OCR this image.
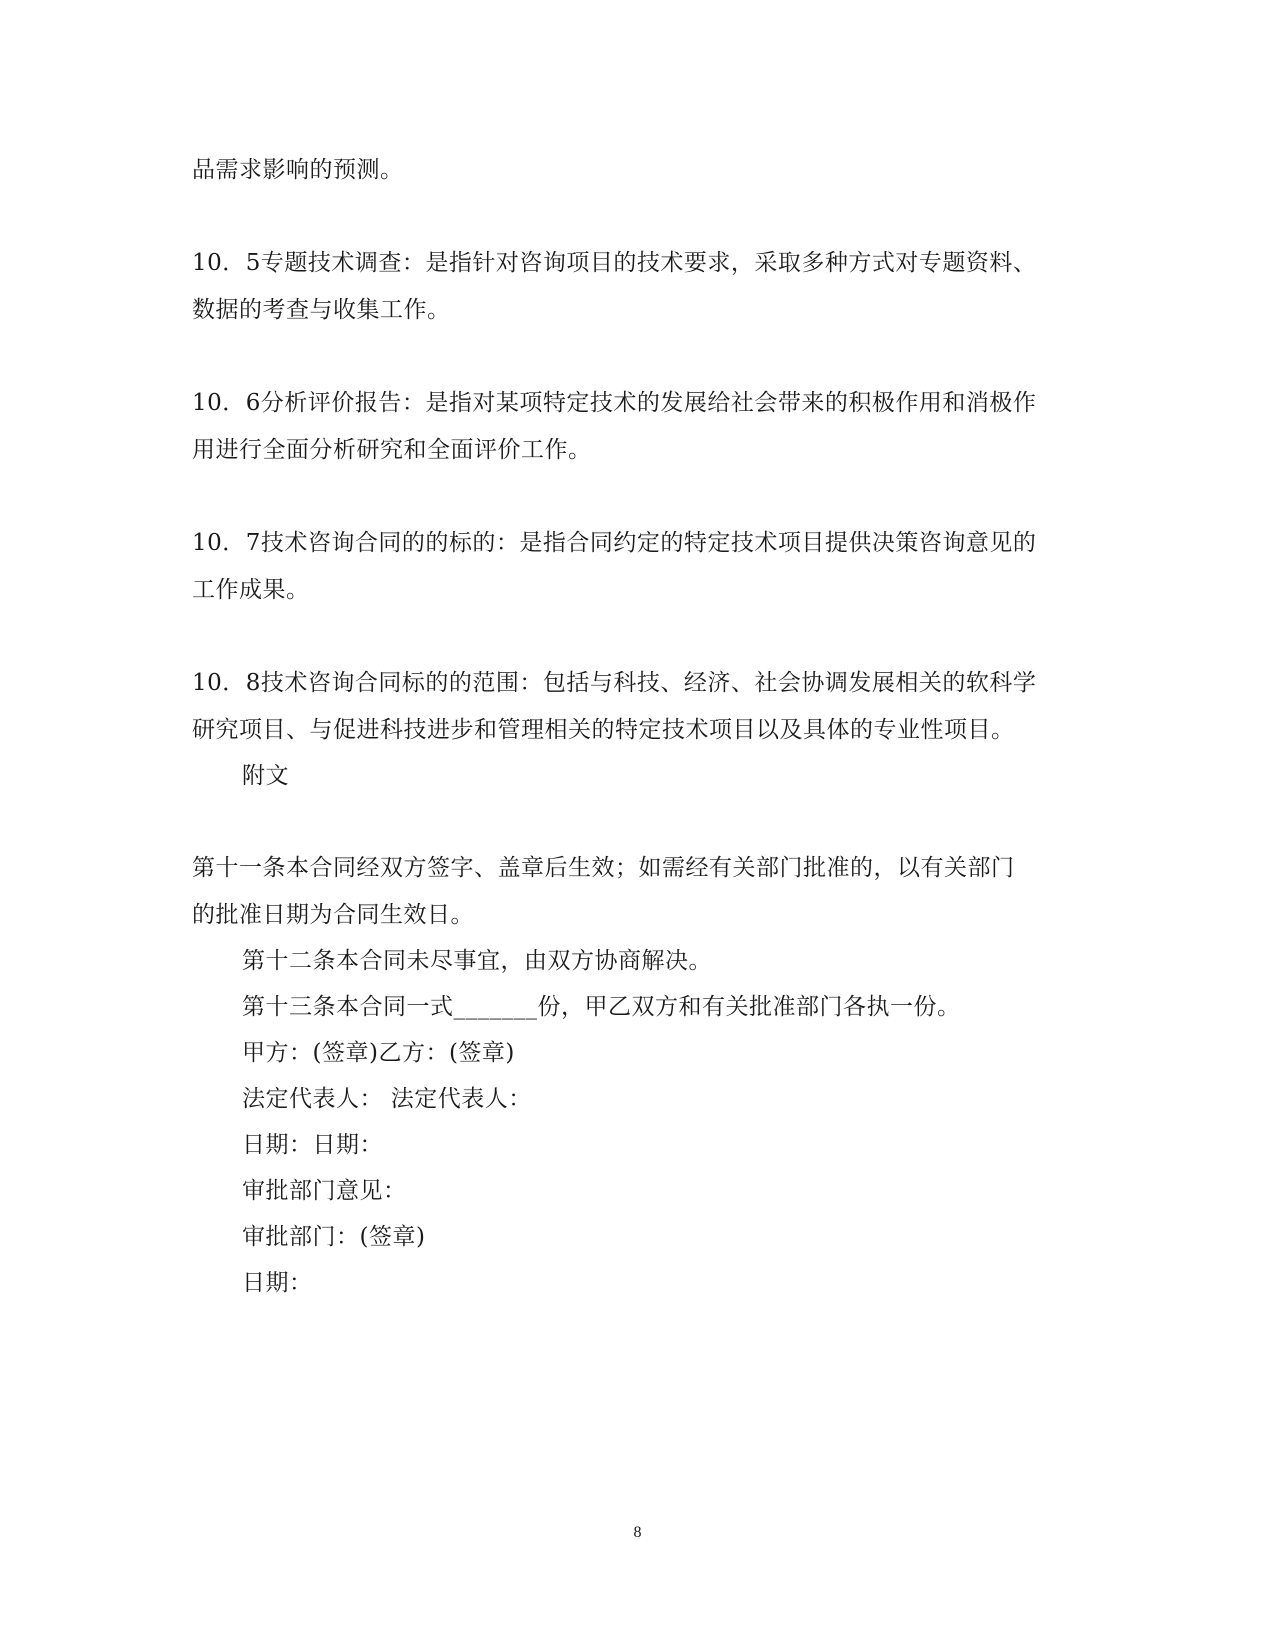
品需求影响的预测。
10．5专题技术调查：是指针对咨询项目的技术要求，采取多种方式对专题资料、
数据的考查与收集工作。
10．6分析评价报告：是指对某项特定技术的发展给社会带来的积极作用和消极作
用进行全面分析研究和全面评价工作。
10．7技术咨询合同的的标的：是指合同约定的特定技术项目提供决策咨询意见的
工作成果。
10．8技术咨询合同标的的范围：包括与科技、经济、社会协调发展相关的软科学
研究项目、与促进科技进步和管理相关的特定技术项目以及具体的专业性项目。
附文
第十一条本合同经双方签字、盖章后生效；如需经有关部门批准的，以有关部门
的批准日期为合同生效日。
第十二条本合同未尽事宜，由双方协商解决。
第十三条本合同一式_______份，甲乙双方和有关批准部门各执一份。
甲方：(签章)乙方：(签章)
法定代表人： 法定代表人：
日期：日期：
审批部门意见：
审批部门：(签章)
日期：
8
